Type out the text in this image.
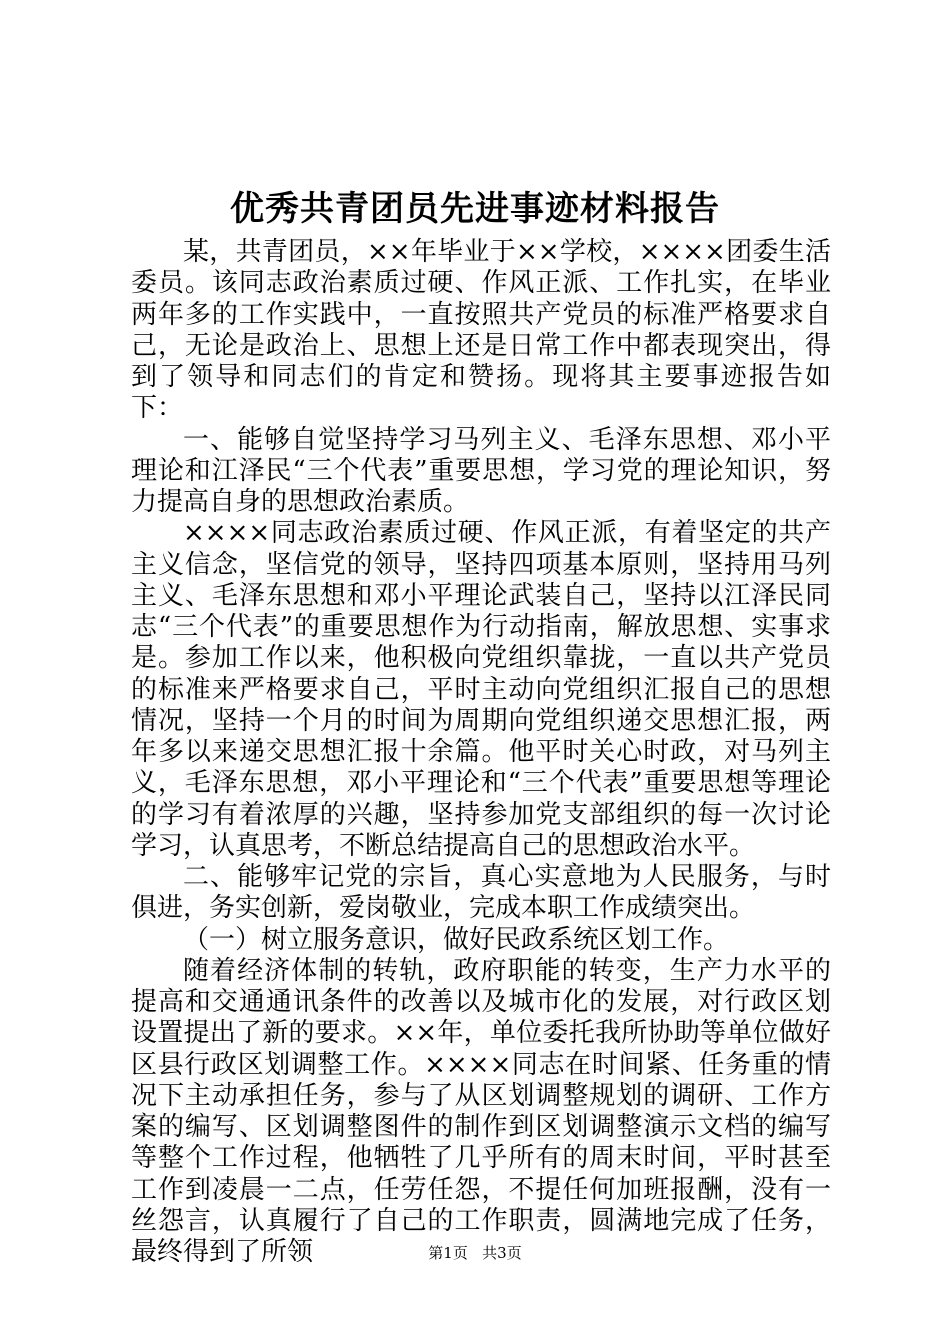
优秀共青团员先进事迹材料报告

某，共青团员，××年毕业于××学校，××××团委生活委员。该同志政治素质过硬、作风正派、工作扎实，在毕业两年多的工作实践中，一直按照共产党员的标准严格要求自己，无论是政治上、思想上还是日常工作中都表现突出，得到了领导和同志们的肯定和赞扬。现将其主要事迹报告如下：

一、能够自觉坚持学习马列主义、毛泽东思想、邓小平理论和江泽民“三个代表”重要思想，学习党的理论知识，努力提高自身的思想政治素质。

××××同志政治素质过硬、作风正派，有着坚定的共产主义信念，坚信党的领导，坚持四项基本原则，坚持用马列主义、毛泽东思想和邓小平理论武装自己，坚持以江泽民同志“三个代表”的重要思想作为行动指南，解放思想、实事求是。参加工作以来，他积极向党组织靠拢，一直以共产党员的标准来严格要求自己，平时主动向党组织汇报自己的思想情况，坚持一个月的时间为周期向党组织递交思想汇报，两年多以来递交思想汇报十余篇。他平时关心时政，对马列主义，毛泽东思想，邓小平理论和“三个代表”重要思想等理论的学习有着浓厚的兴趣，坚持参加党支部组织的每一次讨论学习，认真思考，不断总结提高自己的思想政治水平。

二、能够牢记党的宗旨，真心实意地为人民服务，与时俱进，务实创新，爱岗敬业，完成本职工作成绩突出。

（一）树立服务意识，做好民政系统区划工作。

随着经济体制的转轨，政府职能的转变，生产力水平的提高和交通通讯条件的改善以及城市化的发展，对行政区划设置提出了新的要求。××年，单位委托我所协助等单位做好区县行政区划调整工作。××××同志在时间紧、任务重的情况下主动承担任务，参与了从区划调整规划的调研、工作方案的编写、区划调整图件的制作到区划调整演示文档的编写等整个工作过程，他牺牲了几乎所有的周末时间，平时甚至工作到凌晨一二点，任劳任怨，不提任何加班报酬，没有一丝怨言，认真履行了自己的工作职责，圆满地完成了任务，最终得到了所领	第1页 共3页
